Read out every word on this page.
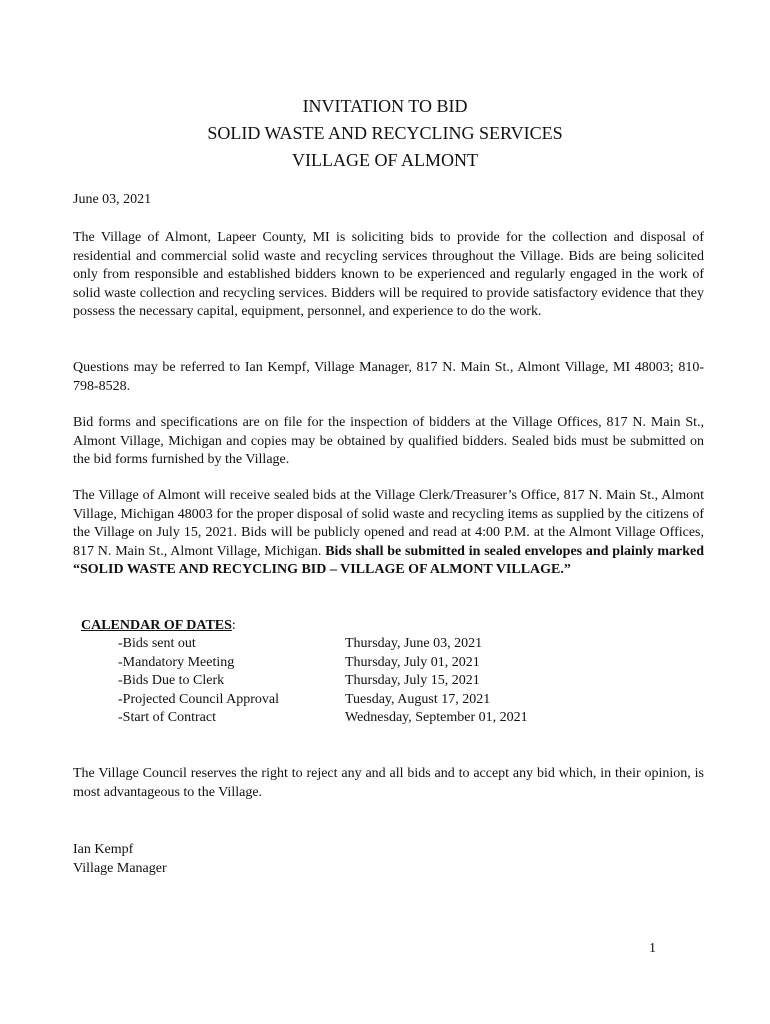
INVITATION TO BID
SOLID WASTE AND RECYCLING SERVICES
VILLAGE OF ALMONT
June 03, 2021

The Village of Almont, Lapeer County, MI is soliciting bids to provide for the collection and disposal of residential and commercial solid waste and recycling services throughout the Village. Bids are being solicited only from responsible and established bidders known to be experienced and regularly engaged in the work of solid waste collection and recycling services. Bidders will be required to provide satisfactory evidence that they possess the necessary capital, equipment, personnel, and experience to do the work.

Questions may be referred to Ian Kempf, Village Manager, 817 N. Main St., Almont Village, MI 48003; 810-798-8528.

Bid forms and specifications are on file for the inspection of bidders at the Village Offices, 817 N. Main St., Almont Village, Michigan and copies may be obtained by qualified bidders. Sealed bids must be submitted on the bid forms furnished by the Village.

The Village of Almont will receive sealed bids at the Village Clerk/Treasurer’s Office, 817 N. Main St., Almont Village, Michigan 48003 for the proper disposal of solid waste and recycling items as supplied by the citizens of the Village on July 15, 2021. Bids will be publicly opened and read at 4:00 P.M. at the Almont Village Offices, 817 N. Main St., Almont Village, Michigan. Bids shall be submitted in sealed envelopes and plainly marked “SOLID WASTE AND RECYCLING BID – VILLAGE OF ALMONT VILLAGE.”

CALENDAR OF DATES:
-Bids sent out	Thursday, June 03, 2021
-Mandatory Meeting	Thursday, July 01, 2021
-Bids Due to Clerk	Thursday, July 15, 2021
-Projected Council Approval	Tuesday, August 17, 2021
-Start of Contract	Wednesday, September 01, 2021

The Village Council reserves the right to reject any and all bids and to accept any bid which, in their opinion, is most advantageous to the Village.

Ian Kempf
Village Manager
1
